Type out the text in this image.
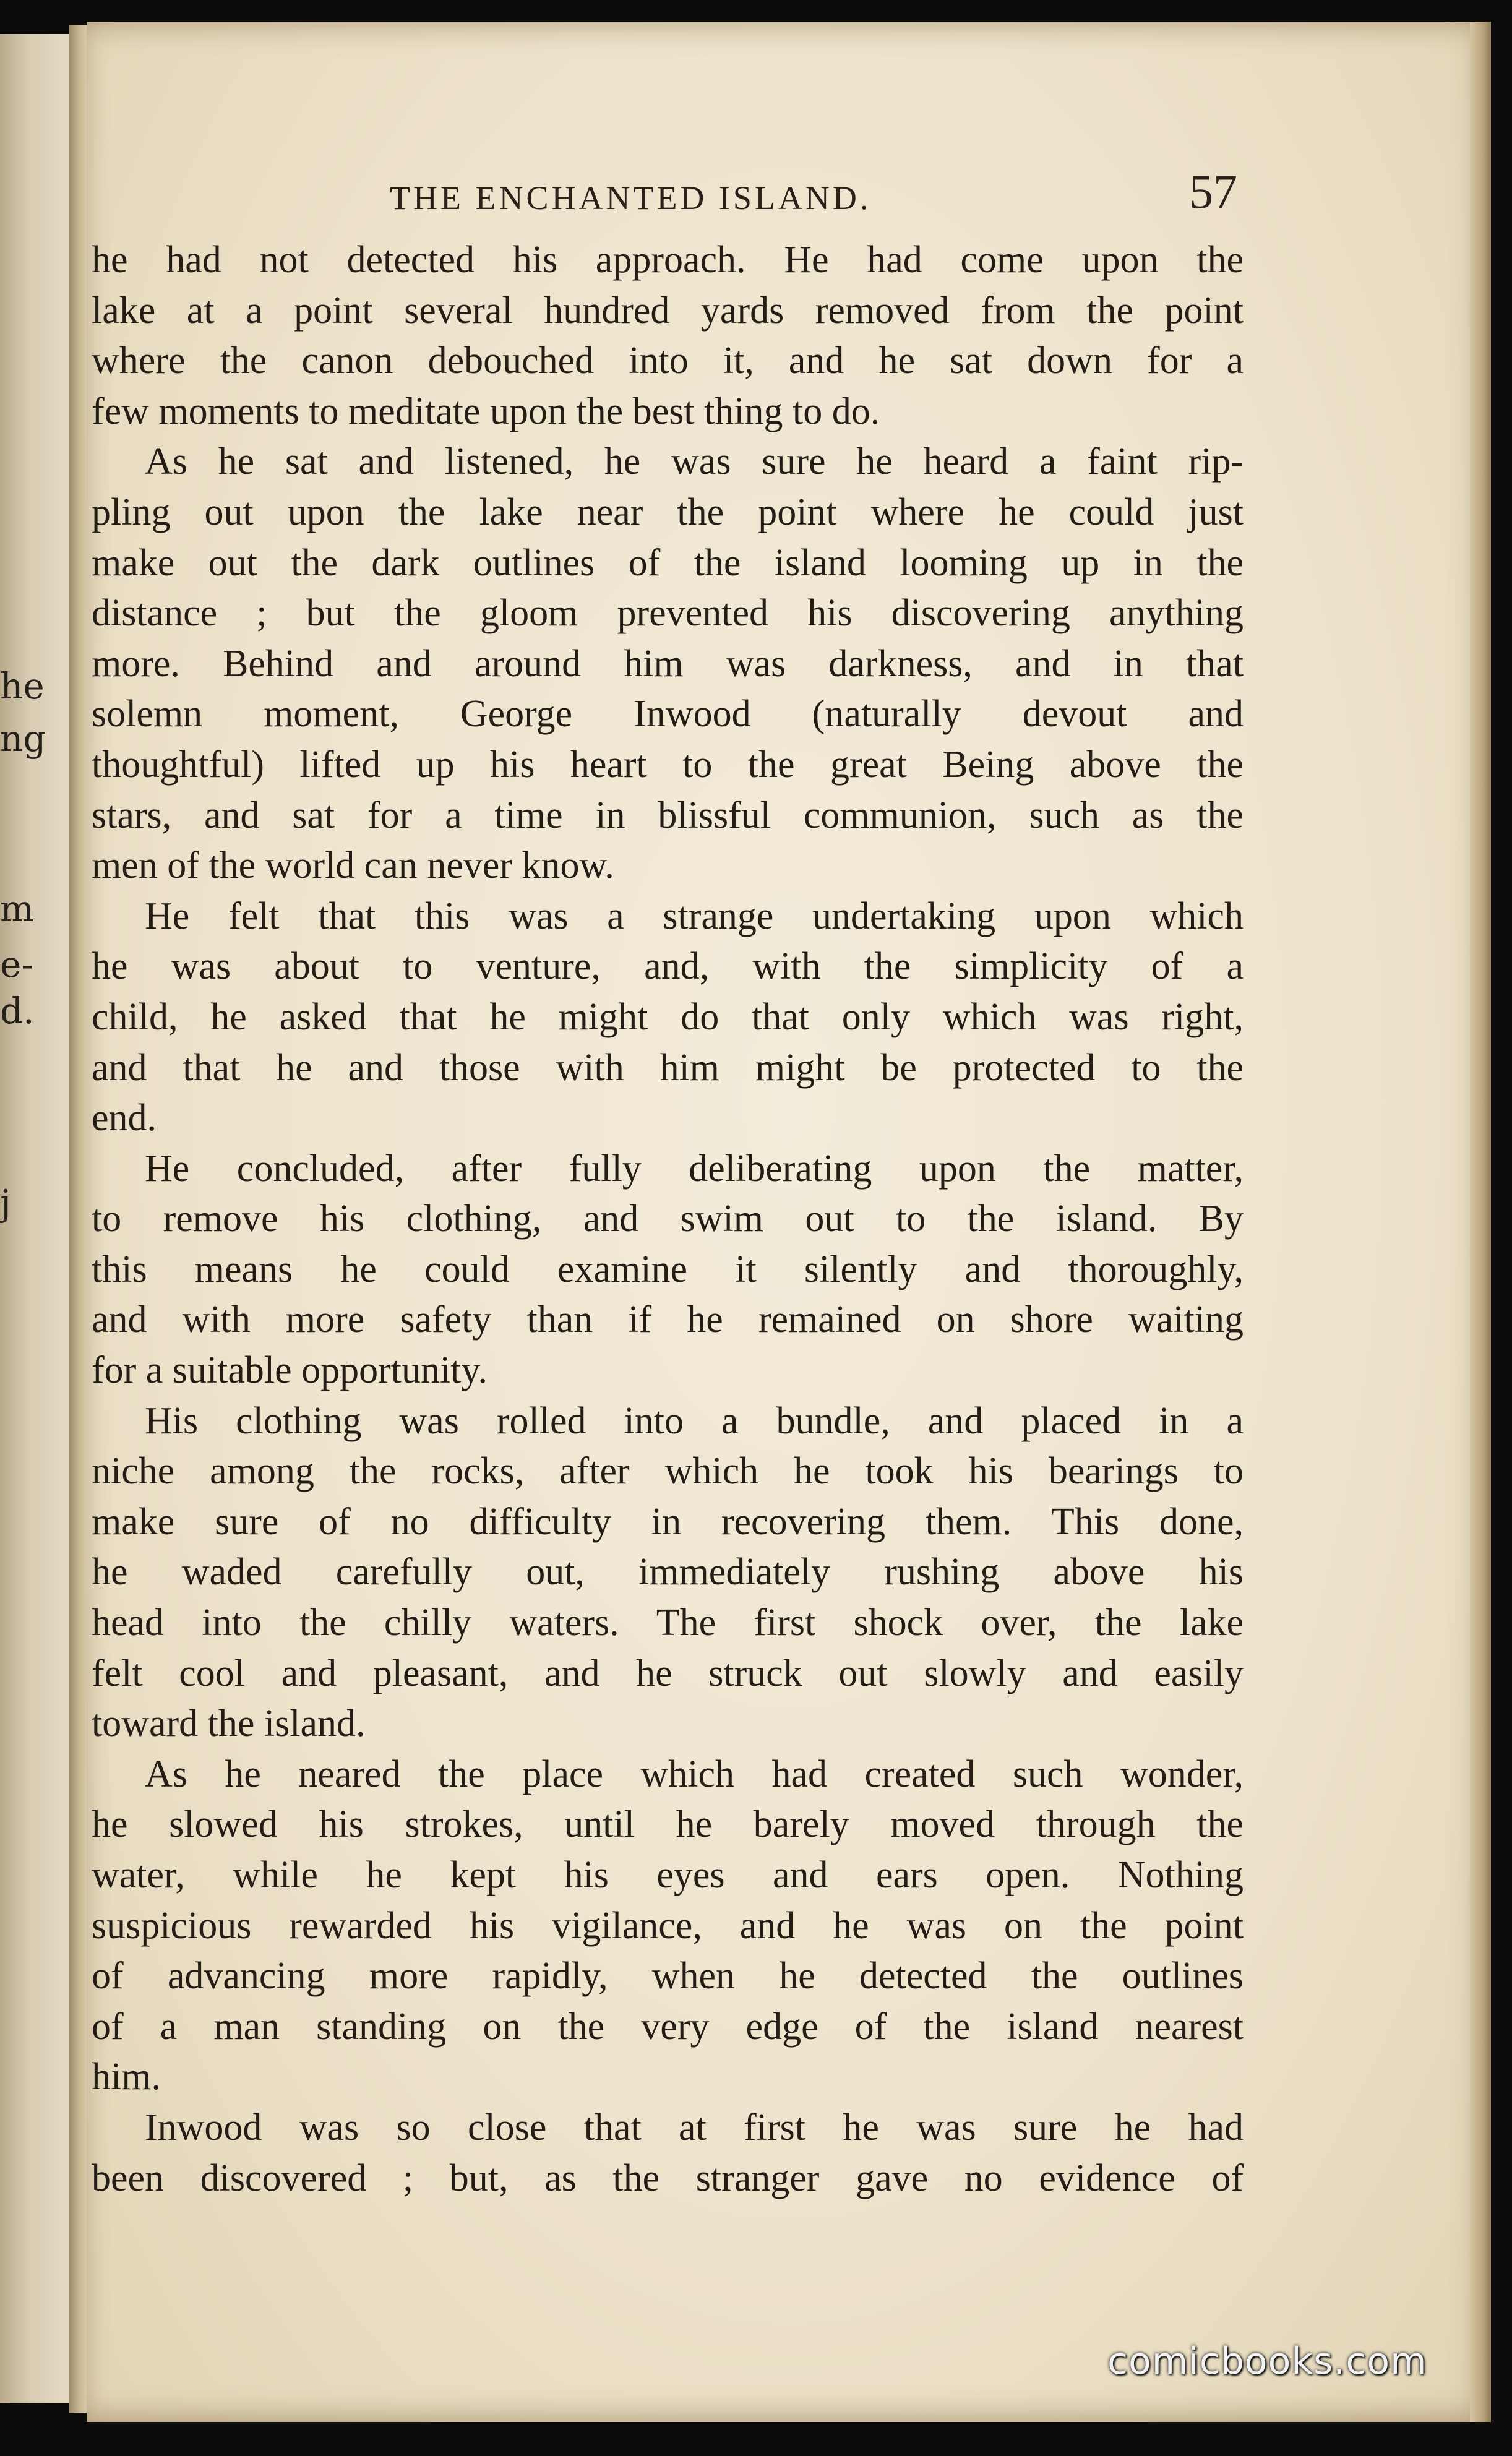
he
ng
m
e-
d.
j
THE ENCHANTED ISLAND.	57
he had not detected his approach. He had come upon the
lake at a point several hundred yards removed from the point
where the canon debouched into it, and he sat down for a
few moments to meditate upon the best thing to do.
As he sat and listened, he was sure he heard a faint rip-
pling out upon the lake near the point where he could just
make out the dark outlines of the island looming up in the
distance ; but the gloom prevented his discovering anything
more. Behind and around him was darkness, and in that
solemn moment, George Inwood (naturally devout and
thoughtful) lifted up his heart to the great Being above the
stars, and sat for a time in blissful communion, such as the
men of the world can never know.
He felt that this was a strange undertaking upon which
he was about to venture, and, with the simplicity of a
child, he asked that he might do that only which was right,
and that he and those with him might be protected to the
end.
He concluded, after fully deliberating upon the matter,
to remove his clothing, and swim out to the island. By
this means he could examine it silently and thoroughly,
and with more safety than if he remained on shore waiting
for a suitable opportunity.
His clothing was rolled into a bundle, and placed in a
niche among the rocks, after which he took his bearings to
make sure of no difficulty in recovering them. This done,
he waded carefully out, immediately rushing above his
head into the chilly waters. The first shock over, the lake
felt cool and pleasant, and he struck out slowly and easily
toward the island.
As he neared the place which had created such wonder,
he slowed his strokes, until he barely moved through the
water, while he kept his eyes and ears open. Nothing
suspicious rewarded his vigilance, and he was on the point
of advancing more rapidly, when he detected the outlines
of a man standing on the very edge of the island nearest
him.
Inwood was so close that at first he was sure he had
been discovered ; but, as the stranger gave no evidence of
comicbooks.com
